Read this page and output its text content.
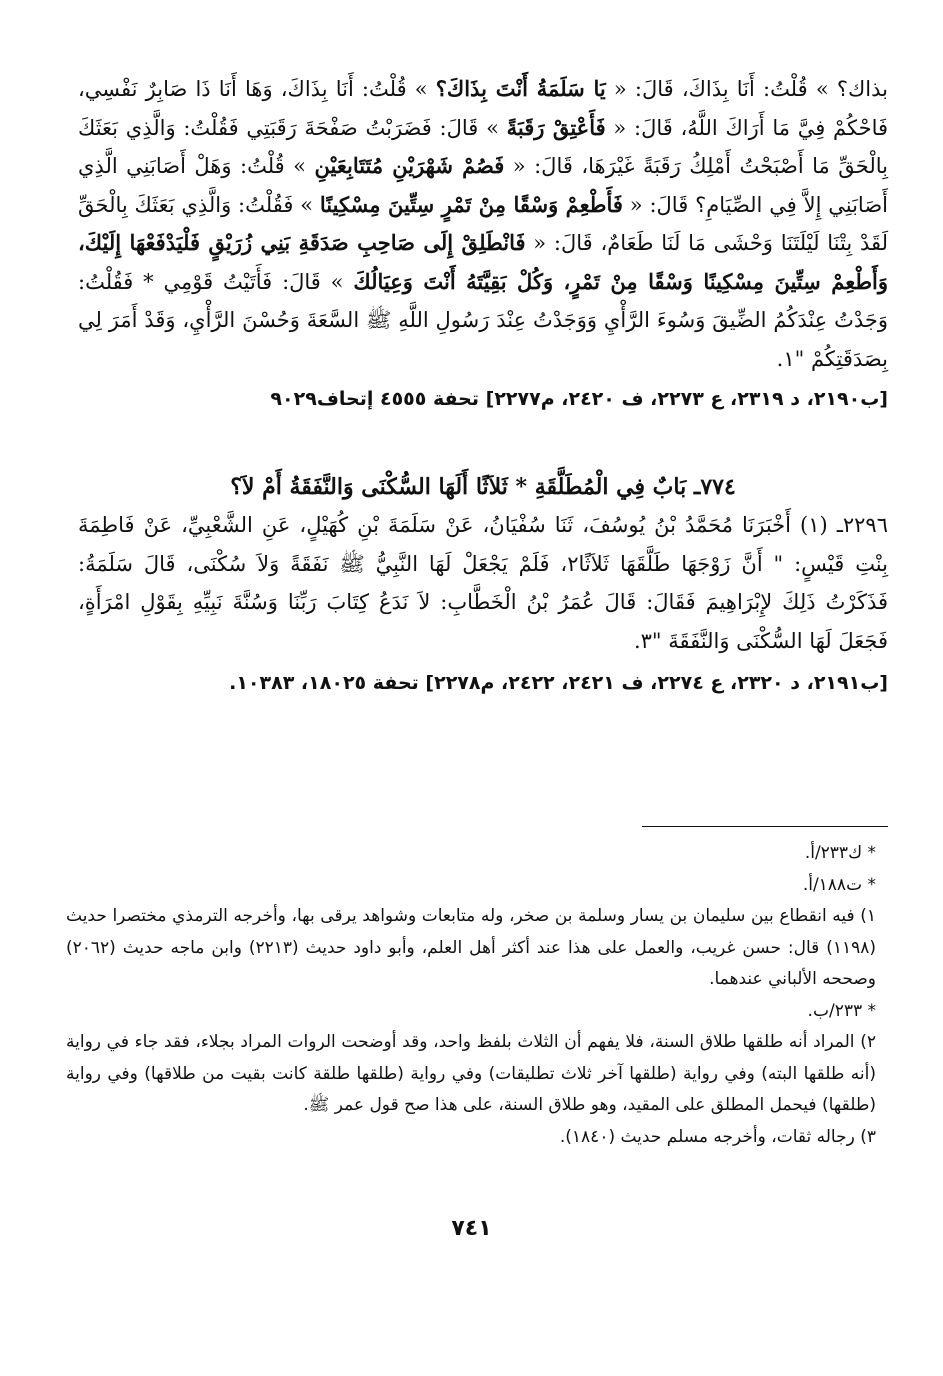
بذاك؟ » قُلْتُ: أَنَا بِذَاكَ، قَالَ: « يَا سَلَمَةُ أَنْتَ بِذَاكَ؟ » قُلْتُ: أَنَا بِذَاكَ، وَهَا أَنَا ذَا صَابِرٌ نَفْسِي، فَاحْكُمْ فِيَّ مَا أَرَاكَ اللَّهُ، قَالَ: « فَأَعْتِقْ رَقَبَةً » قَالَ: فَضَرَبْتُ صَفْحَةَ رَقَبَتِي فَقُلْتُ: وَالَّذِي بَعَثَكَ بِالْحَقِّ مَا أَصْبَحْتُ أَمْلِكُ رَقَبَةً غَيْرَهَا، قَالَ: « فَصُمْ شَهْرَيْنِ مُتَتَابِعَيْنِ » قُلْتُ: وَهَلْ أَصَابَنِي الَّذِي أَصَابَنِي إِلاَّ فِي الصِّيَامِ؟ قَالَ: « فَأَطْعِمْ وَسْقًا مِنْ تَمْرٍ سِتِّينَ مِسْكِينًا » فَقُلْتُ: وَالَّذِي بَعَثَكَ بِالْحَقِّ لَقَدْ بِتْنَا لَيْلَتَنَا وَحْشَى مَا لَنَا طَعَامٌ، قَالَ: « فَانْطَلِقْ إِلَى صَاحِبِ صَدَقَةِ بَنِي زُرَيْقٍ فَلْيَدْفَعْهَا إِلَيْكَ، وَأَطْعِمْ سِتِّينَ مِسْكِينًا وَسْقًا مِنْ تَمْرٍ، وَكُلْ بَقِيَّتَهُ أَنْتَ وَعِيَالُكَ » قَالَ: فَأَتَيْتُ قَوْمِي * فَقُلْتُ: وَجَدْتُ عِنْدَكُمُ الضِّيقَ وَسُوءَ الرَّأْيِ وَوَجَدْتُ عِنْدَ رَسُولِ اللَّهِ ﷺ السَّعَةَ وَحُسْنَ الرَّأْيِ، وَقَدْ أَمَرَ لِي بِصَدَقَتِكُمْ "١.

[ب٢١٩٠، د ٢٣١٩، ع ٢٢٧٣، ف ٢٤٢٠، م٢٢٧٧] تحفة ٤٥٥٥ إتحاف٩٠٢٩

٧٧٤ـ بَابٌ فِي الْمُطَلَّقَةِ * ثَلاَثًا أَلَهَا السُّكْنَى وَالنَّفَقَةُ أَمْ لاَ؟

٢٢٩٦ـ (١) أَخْبَرَنَا مُحَمَّدُ بْنُ يُوسُفَ، ثَنَا سُفْيَانُ، عَنْ سَلَمَةَ بْنِ كُهَيْلٍ، عَنِ الشَّعْبِيِّ، عَنْ فَاطِمَةَ بِنْتِ قَيْسٍ: " أَنَّ زَوْجَهَا طَلَّقَهَا ثَلاَثًا٢، فَلَمْ يَجْعَلْ لَهَا النَّبِيُّ ﷺ نَفَقَةً وَلاَ سُكْنَى، قَالَ سَلَمَةُ: فَذَكَرْتُ ذَلِكَ لإِبْرَاهِيمَ فَقَالَ: قَالَ عُمَرُ بْنُ الْخَطَّابِ: لاَ نَدَعُ كِتَابَ رَبِّنَا وَسُنَّةَ نَبِيِّهِ بِقَوْلِ امْرَأَةٍ، فَجَعَلَ لَهَا السُّكْنَى وَالنَّفَقَةَ "٣.

[ب٢١٩١، د ٢٣٢٠، ع ٢٢٧٤، ف ٢٤٢١، ٢٤٢٢، م٢٢٧٨] تحفة ١٨٠٢٥، ١٠٣٨٣.

* ك٢٣٣/أ.

* ت١٨٨/أ.

١) فيه انقطاع بين سليمان بن يسار وسلمة بن صخر، وله متابعات وشواهد يرقى بها، وأخرجه الترمذي مختصرا حديث (١١٩٨) قال: حسن غريب، والعمل على هذا عند أكثر أهل العلم، وأبو داود حديث (٢٢١٣) وابن ماجه حديث (٢٠٦٢) وصححه الألباني عندهما.

* ٢٣٣/ب.

٢) المراد أنه طلقها طلاق السنة، فلا يفهم أن الثلاث بلفظ واحد، وقد أوضحت الروات المراد بجلاء، فقد جاء في رواية (أنه طلقها البته) وفي رواية (طلقها آخر ثلاث تطليقات) وفي رواية (طلقها طلقة كانت بقيت من طلاقها) وفي رواية (طلقها) فيحمل المطلق على المقيد، وهو طلاق السنة، على هذا صح قول عمر ﷺ.

٣) رجاله ثقات، وأخرجه مسلم حديث (١٨٤٠).

٧٤١
